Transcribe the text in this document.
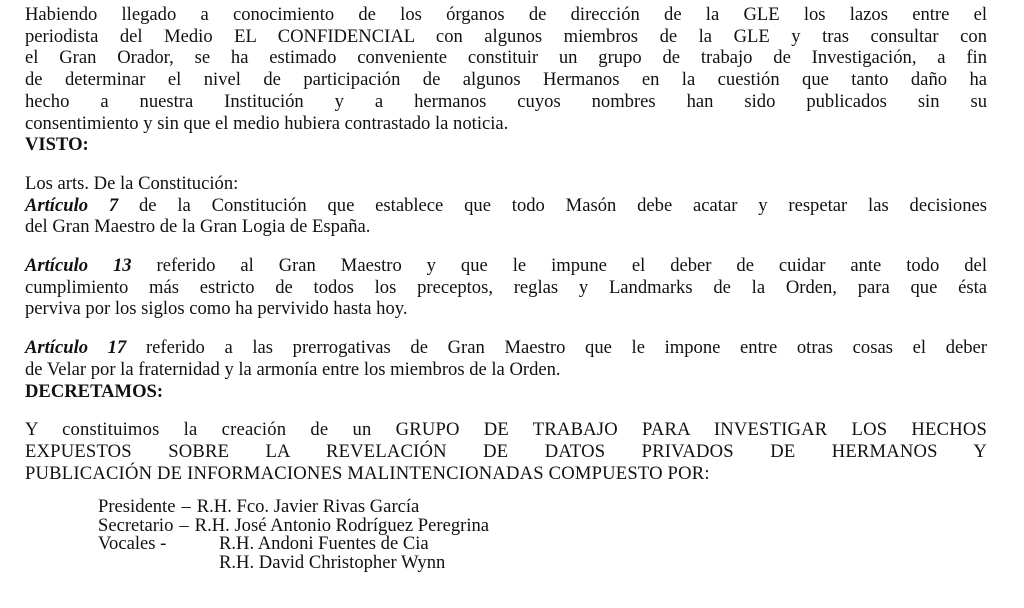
Habiendo llegado a conocimiento de los órganos de dirección de la GLE los lazos entre el
periodista del Medio EL CONFIDENCIAL con algunos miembros de la GLE y tras consultar con
el Gran Orador, se ha estimado conveniente constituir un grupo de trabajo de Investigación, a fin
de determinar el nivel de participación de algunos Hermanos en la cuestión que tanto daño ha
hecho a nuestra Institución y a hermanos cuyos nombres han sido publicados sin su
consentimiento y sin que el medio hubiera contrastado la noticia.
VISTO:
Los arts. De la Constitución:
Artículo 7 de la Constitución que establece que todo Masón debe acatar y respetar las decisiones
del Gran Maestro de la Gran Logia de España.
Artículo 13 referido al Gran Maestro y que le impune el deber de cuidar ante todo del
cumplimiento más estricto de todos los preceptos, reglas y Landmarks de la Orden, para que ésta
perviva por los siglos como ha pervivido hasta hoy.
Artículo 17 referido a las prerrogativas de Gran Maestro que le impone entre otras cosas el deber
de Velar por la fraternidad y la armonía entre los miembros de la Orden.
DECRETAMOS:
Y constituimos la creación de un GRUPO DE TRABAJO PARA INVESTIGAR LOS HECHOS
EXPUESTOS SOBRE LA REVELACIÓN DE DATOS PRIVADOS DE HERMANOS Y
PUBLICACIÓN DE INFORMACIONES MALINTENCIONADAS COMPUESTO POR:
Presidente – R.H. Fco. Javier Rivas García
Secretario – R.H. José Antonio Rodríguez Peregrina
Vocales -	R.H. Andoni Fuentes de Cia
R.H. David Christopher Wynn
